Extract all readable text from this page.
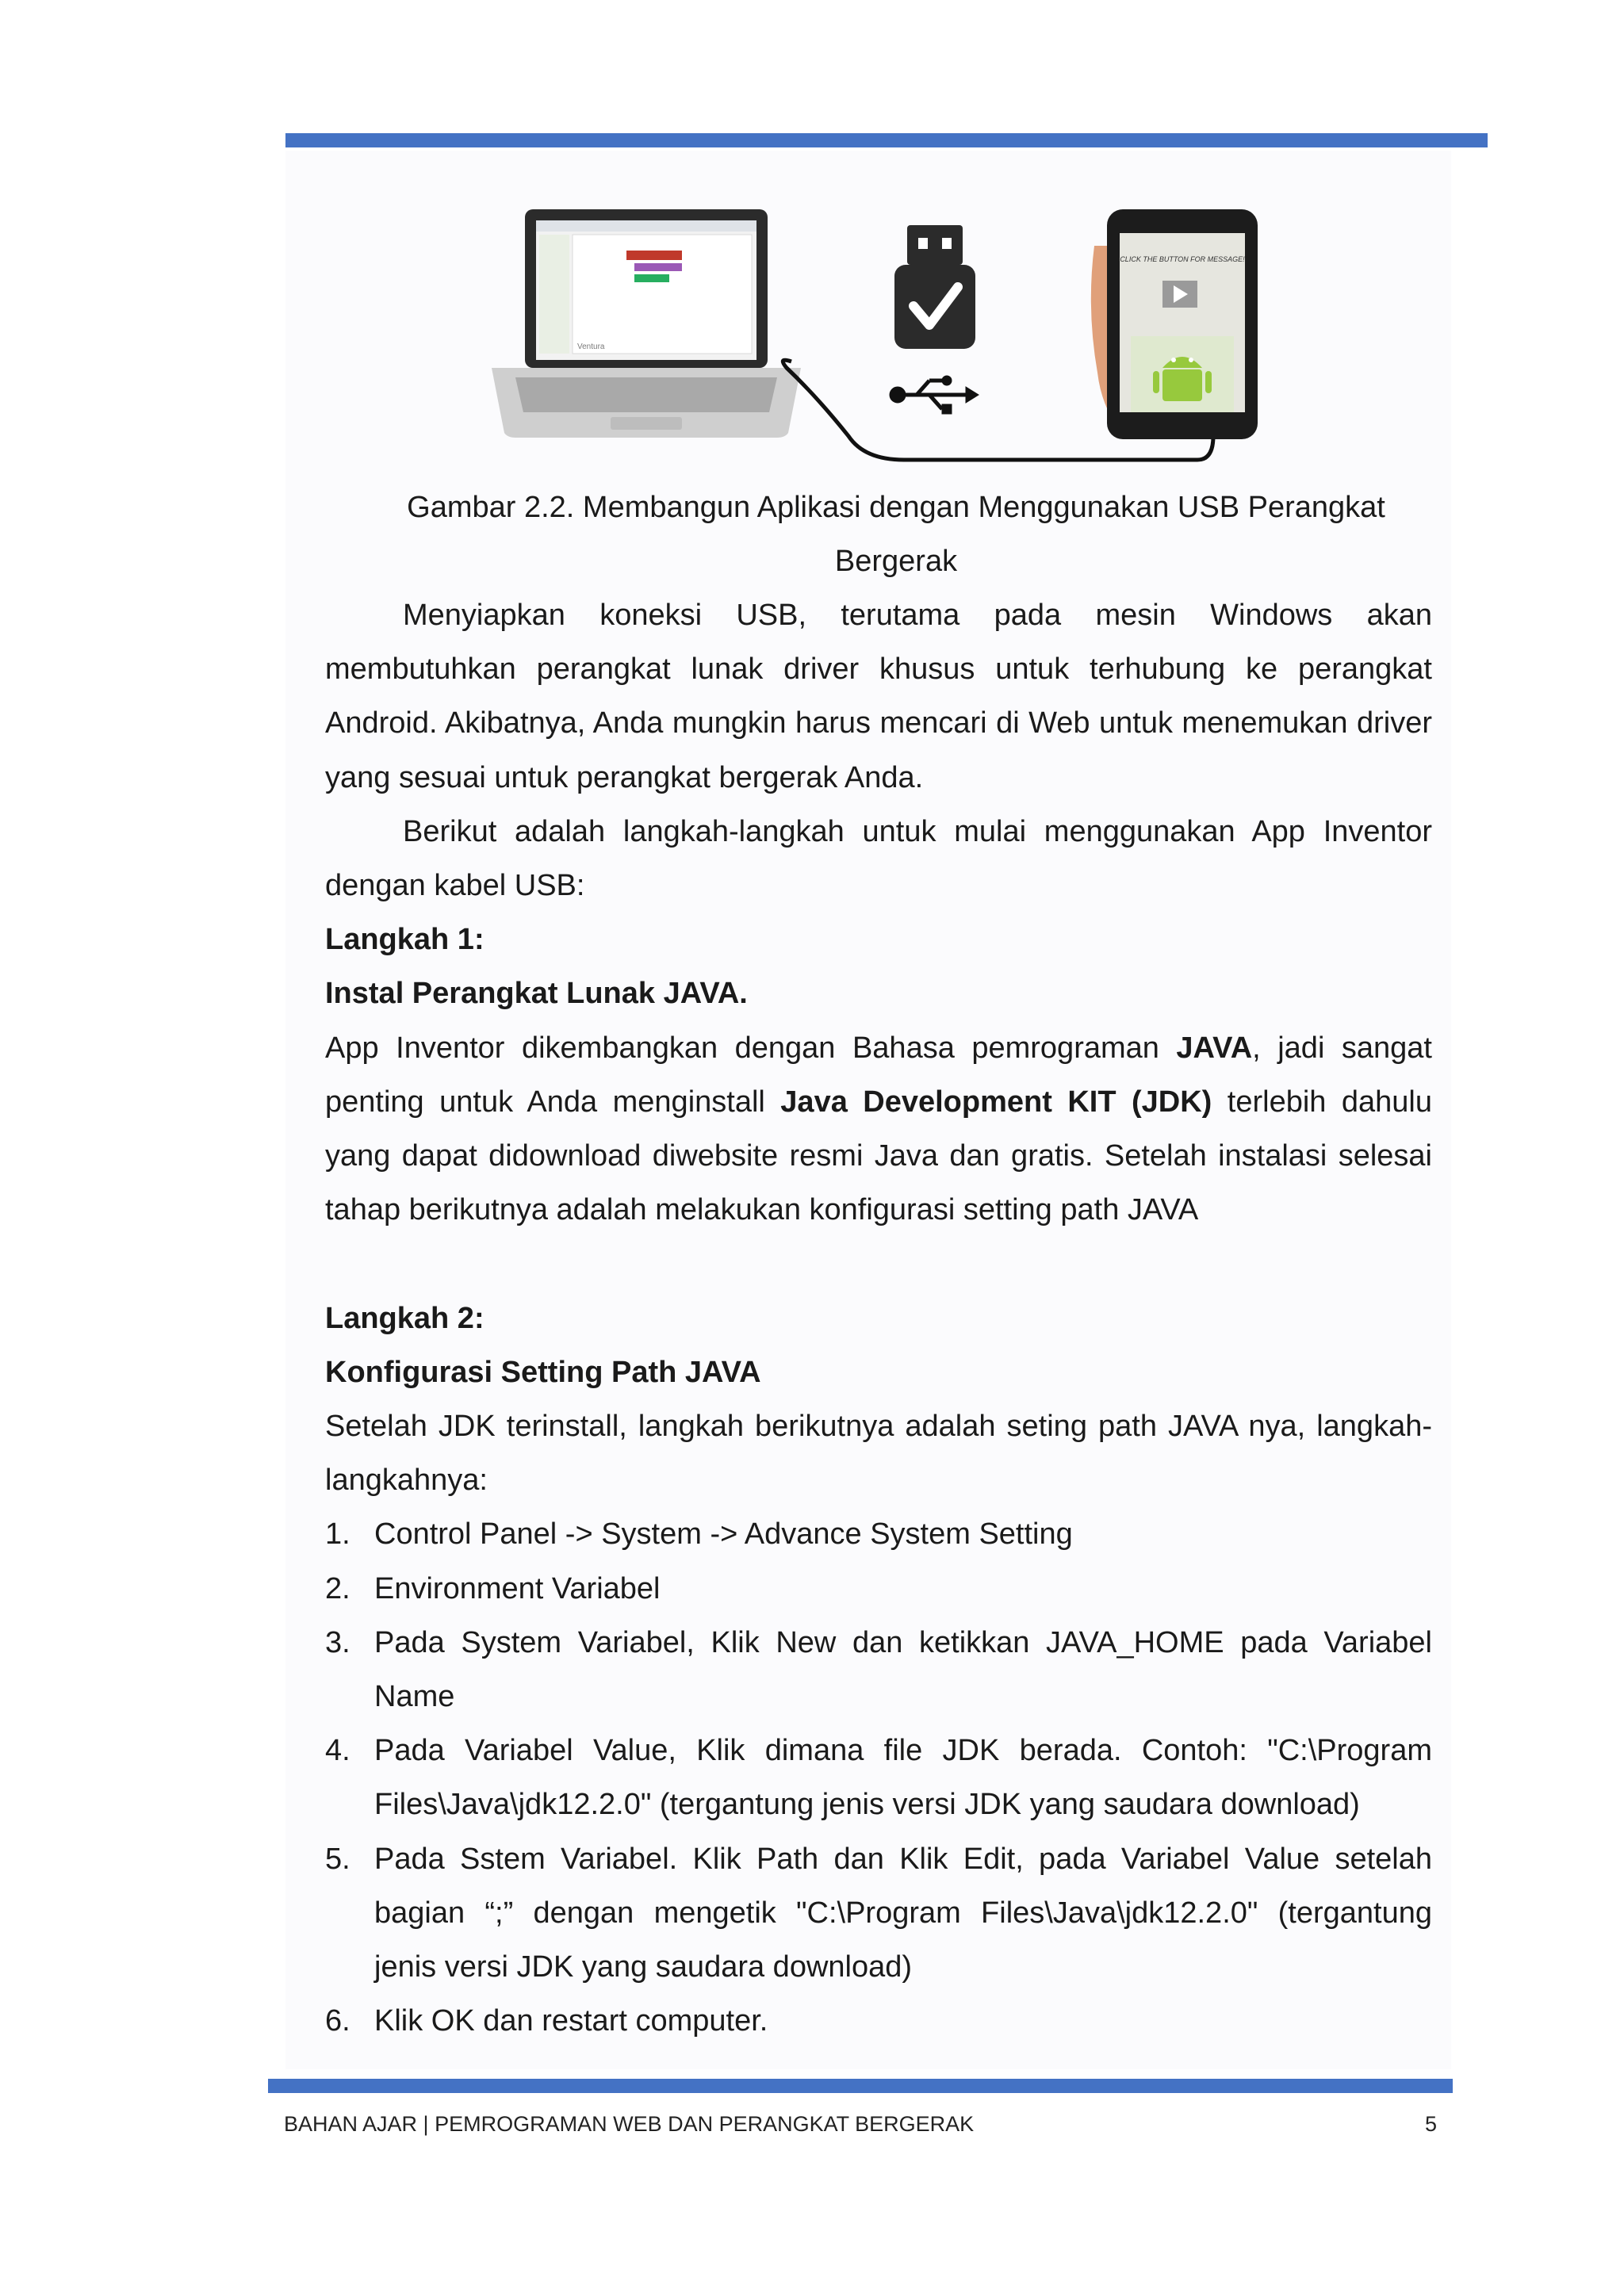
Ventura
CLICK THE BUTTON FOR MESSAGE!
Gambar 2.2. Membangun Aplikasi dengan Menggunakan USB Perangkat
Bergerak

Menyiapkan koneksi USB, terutama pada mesin Windows akan membutuhkan perangkat lunak driver khusus untuk terhubung ke perangkat Android. Akibatnya, Anda mungkin harus mencari di Web untuk menemukan driver yang sesuai untuk perangkat bergerak Anda.

Berikut adalah langkah-langkah untuk mulai menggunakan App Inventor dengan kabel USB:

Langkah 1:

Instal Perangkat Lunak JAVA.

App Inventor dikembangkan dengan Bahasa pemrograman JAVA, jadi sangat penting untuk Anda menginstall Java Development KIT (JDK) terlebih dahulu yang dapat didownload diwebsite resmi Java dan gratis. Setelah instalasi selesai tahap berikutnya adalah melakukan konfigurasi setting path JAVA

Langkah 2:

Konfigurasi Setting Path JAVA

Setelah JDK terinstall, langkah berikutnya adalah seting path JAVA nya, langkah-langkahnya:

1. Control Panel -> System -> Advance System Setting
2. Environment Variabel
3. Pada System Variabel, Klik New dan ketikkan JAVA_HOME pada Variabel Name
4. Pada Variabel Value, Klik dimana file JDK berada. Contoh: "C:\Program Files\Java\jdk12.2.0" (tergantung jenis versi JDK yang saudara download)
5. Pada Sstem Variabel. Klik Path dan Klik Edit, pada Variabel Value setelah bagian “;” dengan mengetik "C:\Program Files\Java\jdk12.2.0" (tergantung jenis versi JDK yang saudara download)
6. Klik OK dan restart computer.
BAHAN AJAR | PEMROGRAMAN WEB DAN PERANGKAT BERGERAK	5
